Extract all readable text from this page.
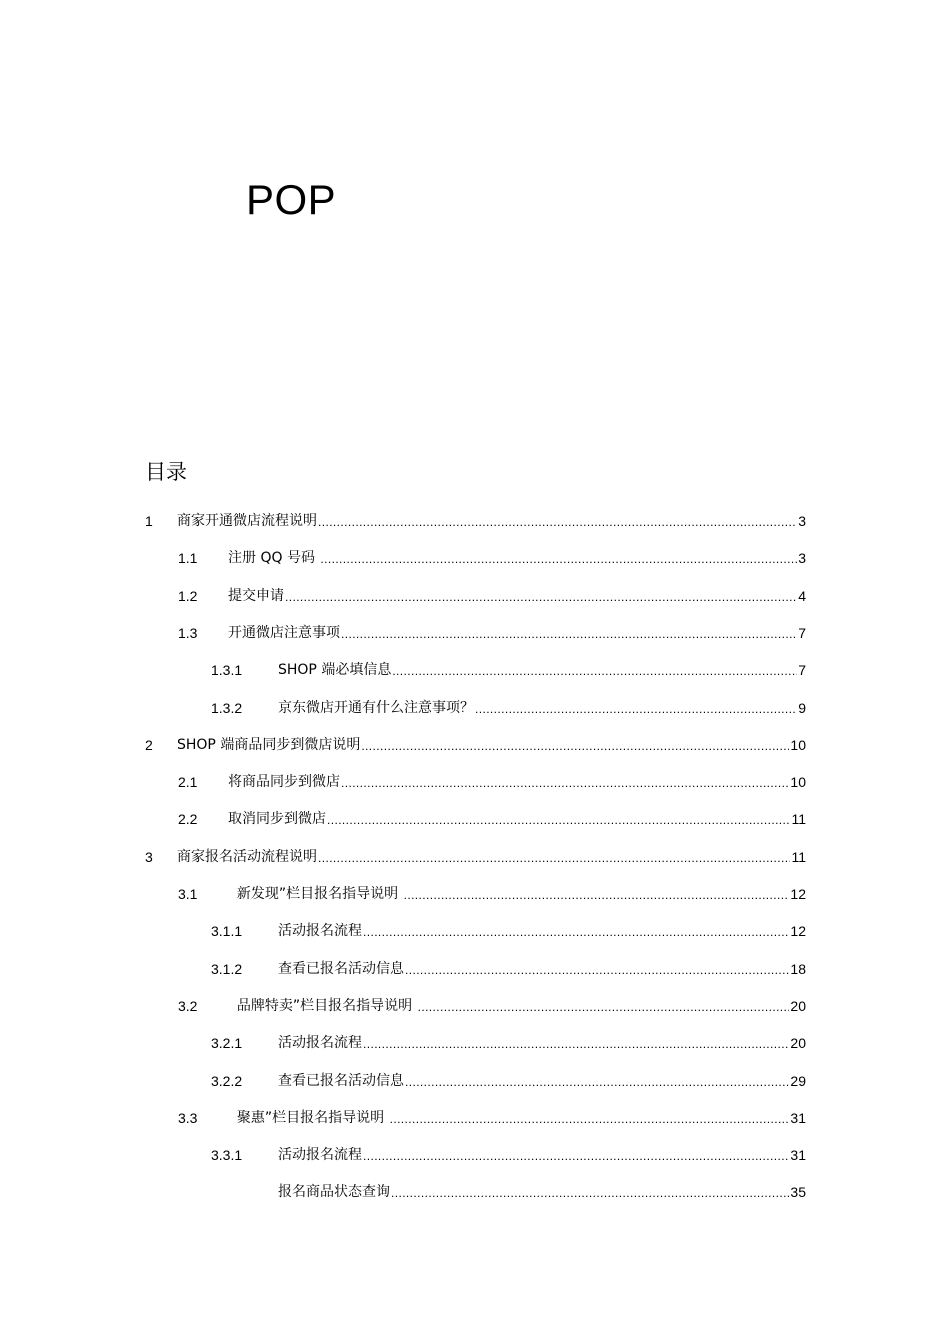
POP
目录
1 商家开通微店流程说明 .....	3
1.1 注册 QQ 号码 .....	3
1.2 提交申请 .....	4
1.3 开通微店注意事项 .....	7
1.3.1	SHOP 端必填信息 .....	7
1.3.2	京东微店开通有什么注意事项？ .....	9
2 SHOP 端商品同步到微店说明 .....	10
2.1 将商品同步到微店 .....	10
2.2 取消同步到微店 .....	11
3 商家报名活动流程说明 .....	11
3.1 新发现”栏目报名指导说明 .....	12
3.1.1	活动报名流程 .....	12
3.1.2	查看已报名活动信息 .....	18
3.2 品牌特卖”栏目报名指导说明 .....	20
3.2.1	活动报名流程 .....	20
3.2.2	查看已报名活动信息 .....	29
3.3 聚惠”栏目报名指导说明 .....	31
3.3.1	活动报名流程 .....	31
报名商品状态查询 .....	35
